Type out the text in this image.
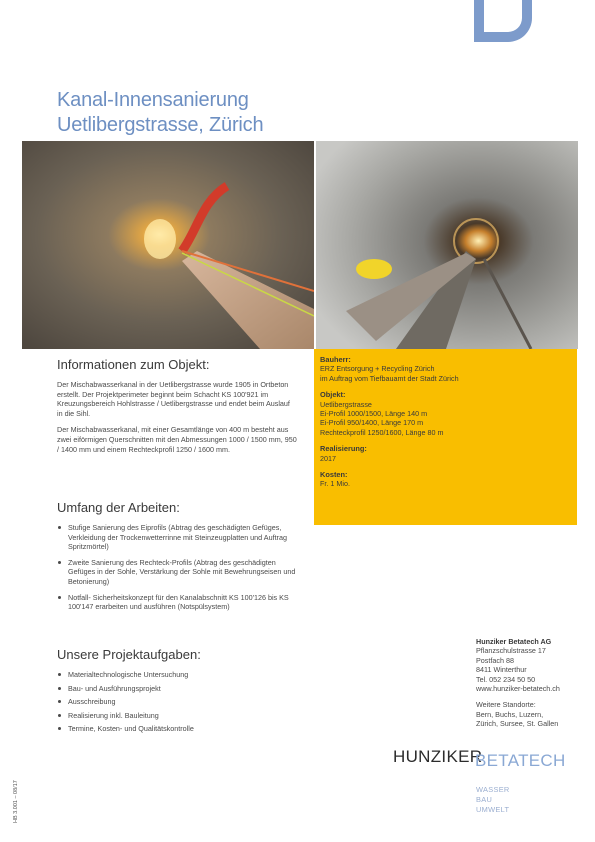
Kanal-Innensanierung
Uetlibergstrasse, Zürich
Informationen zum Objekt:

Der Mischabwasserkanal in der Uetlibergstrasse wurde 1905 in Ortbeton erstellt. Der Projektperimeter beginnt beim Schacht KS 100'921 im Kreuzungsbereich Hohlstrasse / Uetlibergstrasse und endet beim Auslauf in die Sihl.

Der Mischabwasserkanal, mit einer Gesamtlänge von 400 m besteht aus zwei eiförmigen Querschnitten mit den Abmessungen 1000 / 1500 mm, 950 / 1400 mm und einem Rechteckprofil 1250 / 1600 mm.

Umfang der Arbeiten:
Stufige Sanierung des Eiprofils (Abtrag des geschädigten Gefüges, Verkleidung der Trockenwetterrinne mit Steinzeugplatten und Auftrag Spritzmörtel)
Zweite Sanierung des Rechteck-Profils (Abtrag des geschädigten Gefüges in der Sohle, Verstärkung der Sohle mit Bewehrungseisen und Betonierung)
Notfall- Sicherheitskonzept für den Kanalabschnitt KS 100'126 bis KS 100'147 erarbeiten und ausführen (Notspülsystem)
Unsere Projektaufgaben:
Materialtechnologische Untersuchung
Bau- und Ausführungsprojekt
Ausschreibung
Realisierung inkl. Bauleitung
Termine, Kosten- und Qualitätskontrolle
Bauherr:
ERZ Entsorgung + Recycling Zürich
im Auftrag vom Tiefbauamt der Stadt Zürich
Objekt:
Uetlibergstrasse
Ei-Profil 1000/1500, Länge 140 m
Ei-Profil 950/1400, Länge 170 m
Rechteckprofil 1250/1600, Länge 80 m
Realisierung:
2017
Kosten:
Fr. 1 Mio.
Hunziker Betatech AG
Pflanzschulstrasse 17
Postfach 88
8411 Winterthur
Tel. 052 234 50 50
www.hunziker-betatech.ch
Weitere Standorte:
Bern, Buchs, Luzern,
Zürich, Sursee, St. Gallen
HUNZIKER
BETATECH
WASSER
BAU
UMWELT
HB 3.001 – 08/17
